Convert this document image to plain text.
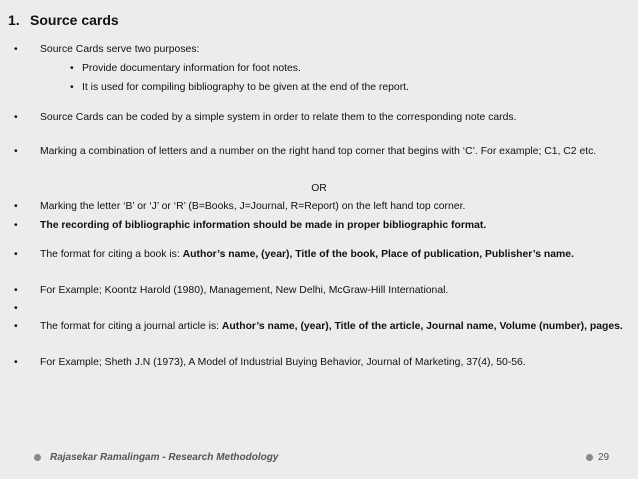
1. Source cards
•	Source Cards serve two purposes:
• Provide documentary information for foot notes.
• It is used for compiling bibliography to be given at the end of the report.
•	Source Cards can be coded by a simple system in order to relate them to the corresponding note cards.
•	Marking a combination of letters and a number on the right hand top corner that begins with ‘C’. For example; C1, C2 etc.
OR
•	Marking the letter ‘B’ or ‘J’ or ‘R’ (B=Books, J=Journal, R=Report) on the left hand top corner.
•	The recording of bibliographic information should be made in proper bibliographic format.
•	The format for citing a book is: Author’s name, (year), Title of the book, Place of publication, Publisher’s name.
•	For Example; Koontz Harold (1980), Management, New Delhi, McGraw-Hill International.
•
•	The format for citing a journal article is: Author’s name, (year), Title of the article, Journal name, Volume (number), pages.
•	For Example; Sheth J.N (1973), A Model of Industrial Buying Behavior, Journal of Marketing, 37(4), 50-56.
Rajasekar Ramalingam - Research Methodology	29
